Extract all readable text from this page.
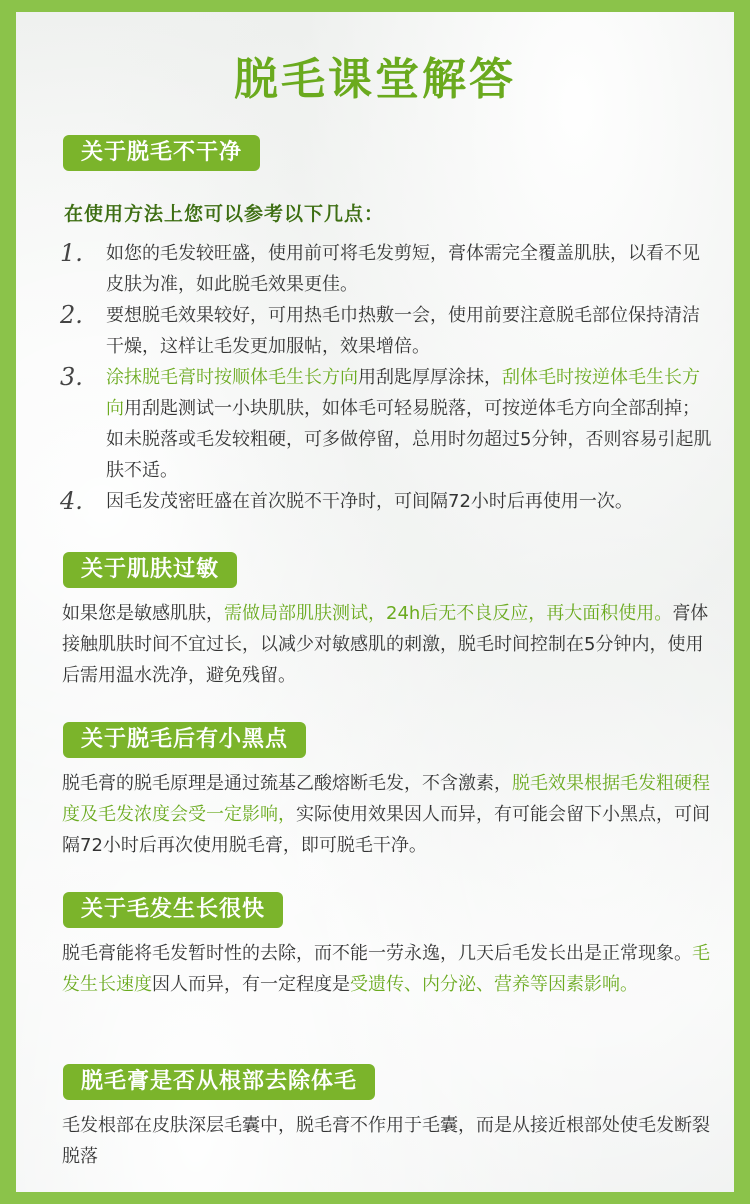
脱毛课堂解答
关于脱毛不干净
在使用方法上您可以参考以下几点：
1.	如您的毛发较旺盛，使用前可将毛发剪短，膏体需完全覆盖肌肤，以看不见皮肤为准，如此脱毛效果更佳。
2.	要想脱毛效果较好，可用热毛巾热敷一会，使用前要注意脱毛部位保持清洁干燥，这样让毛发更加服帖，效果增倍。
3.	涂抹脱毛膏时按顺体毛生长方向用刮匙厚厚涂抹，刮体毛时按逆体毛生长方向用刮匙测试一小块肌肤，如体毛可轻易脱落，可按逆体毛方向全部刮掉；如未脱落或毛发较粗硬，可多做停留，总用时勿超过5分钟，否则容易引起肌肤不适。
4.	因毛发茂密旺盛在首次脱不干净时，可间隔72小时后再使用一次。
关于肌肤过敏
如果您是敏感肌肤，需做局部肌肤测试，24h后无不良反应，再大面积使用。膏体接触肌肤时间不宜过长，以减少对敏感肌的刺激，脱毛时间控制在5分钟内，使用后需用温水洗净，避免残留。
关于脱毛后有小黑点
脱毛膏的脱毛原理是通过巯基乙酸熔断毛发，不含激素，脱毛效果根据毛发粗硬程度及毛发浓度会受一定影响，实际使用效果因人而异，有可能会留下小黑点，可间隔72小时后再次使用脱毛膏，即可脱毛干净。
关于毛发生长很快
脱毛膏能将毛发暂时性的去除，而不能一劳永逸，几天后毛发长出是正常现象。毛发生长速度因人而异，有一定程度是受遗传、内分泌、营养等因素影响。
脱毛膏是否从根部去除体毛
毛发根部在皮肤深层毛囊中，脱毛膏不作用于毛囊，而是从接近根部处使毛发断裂脱落
